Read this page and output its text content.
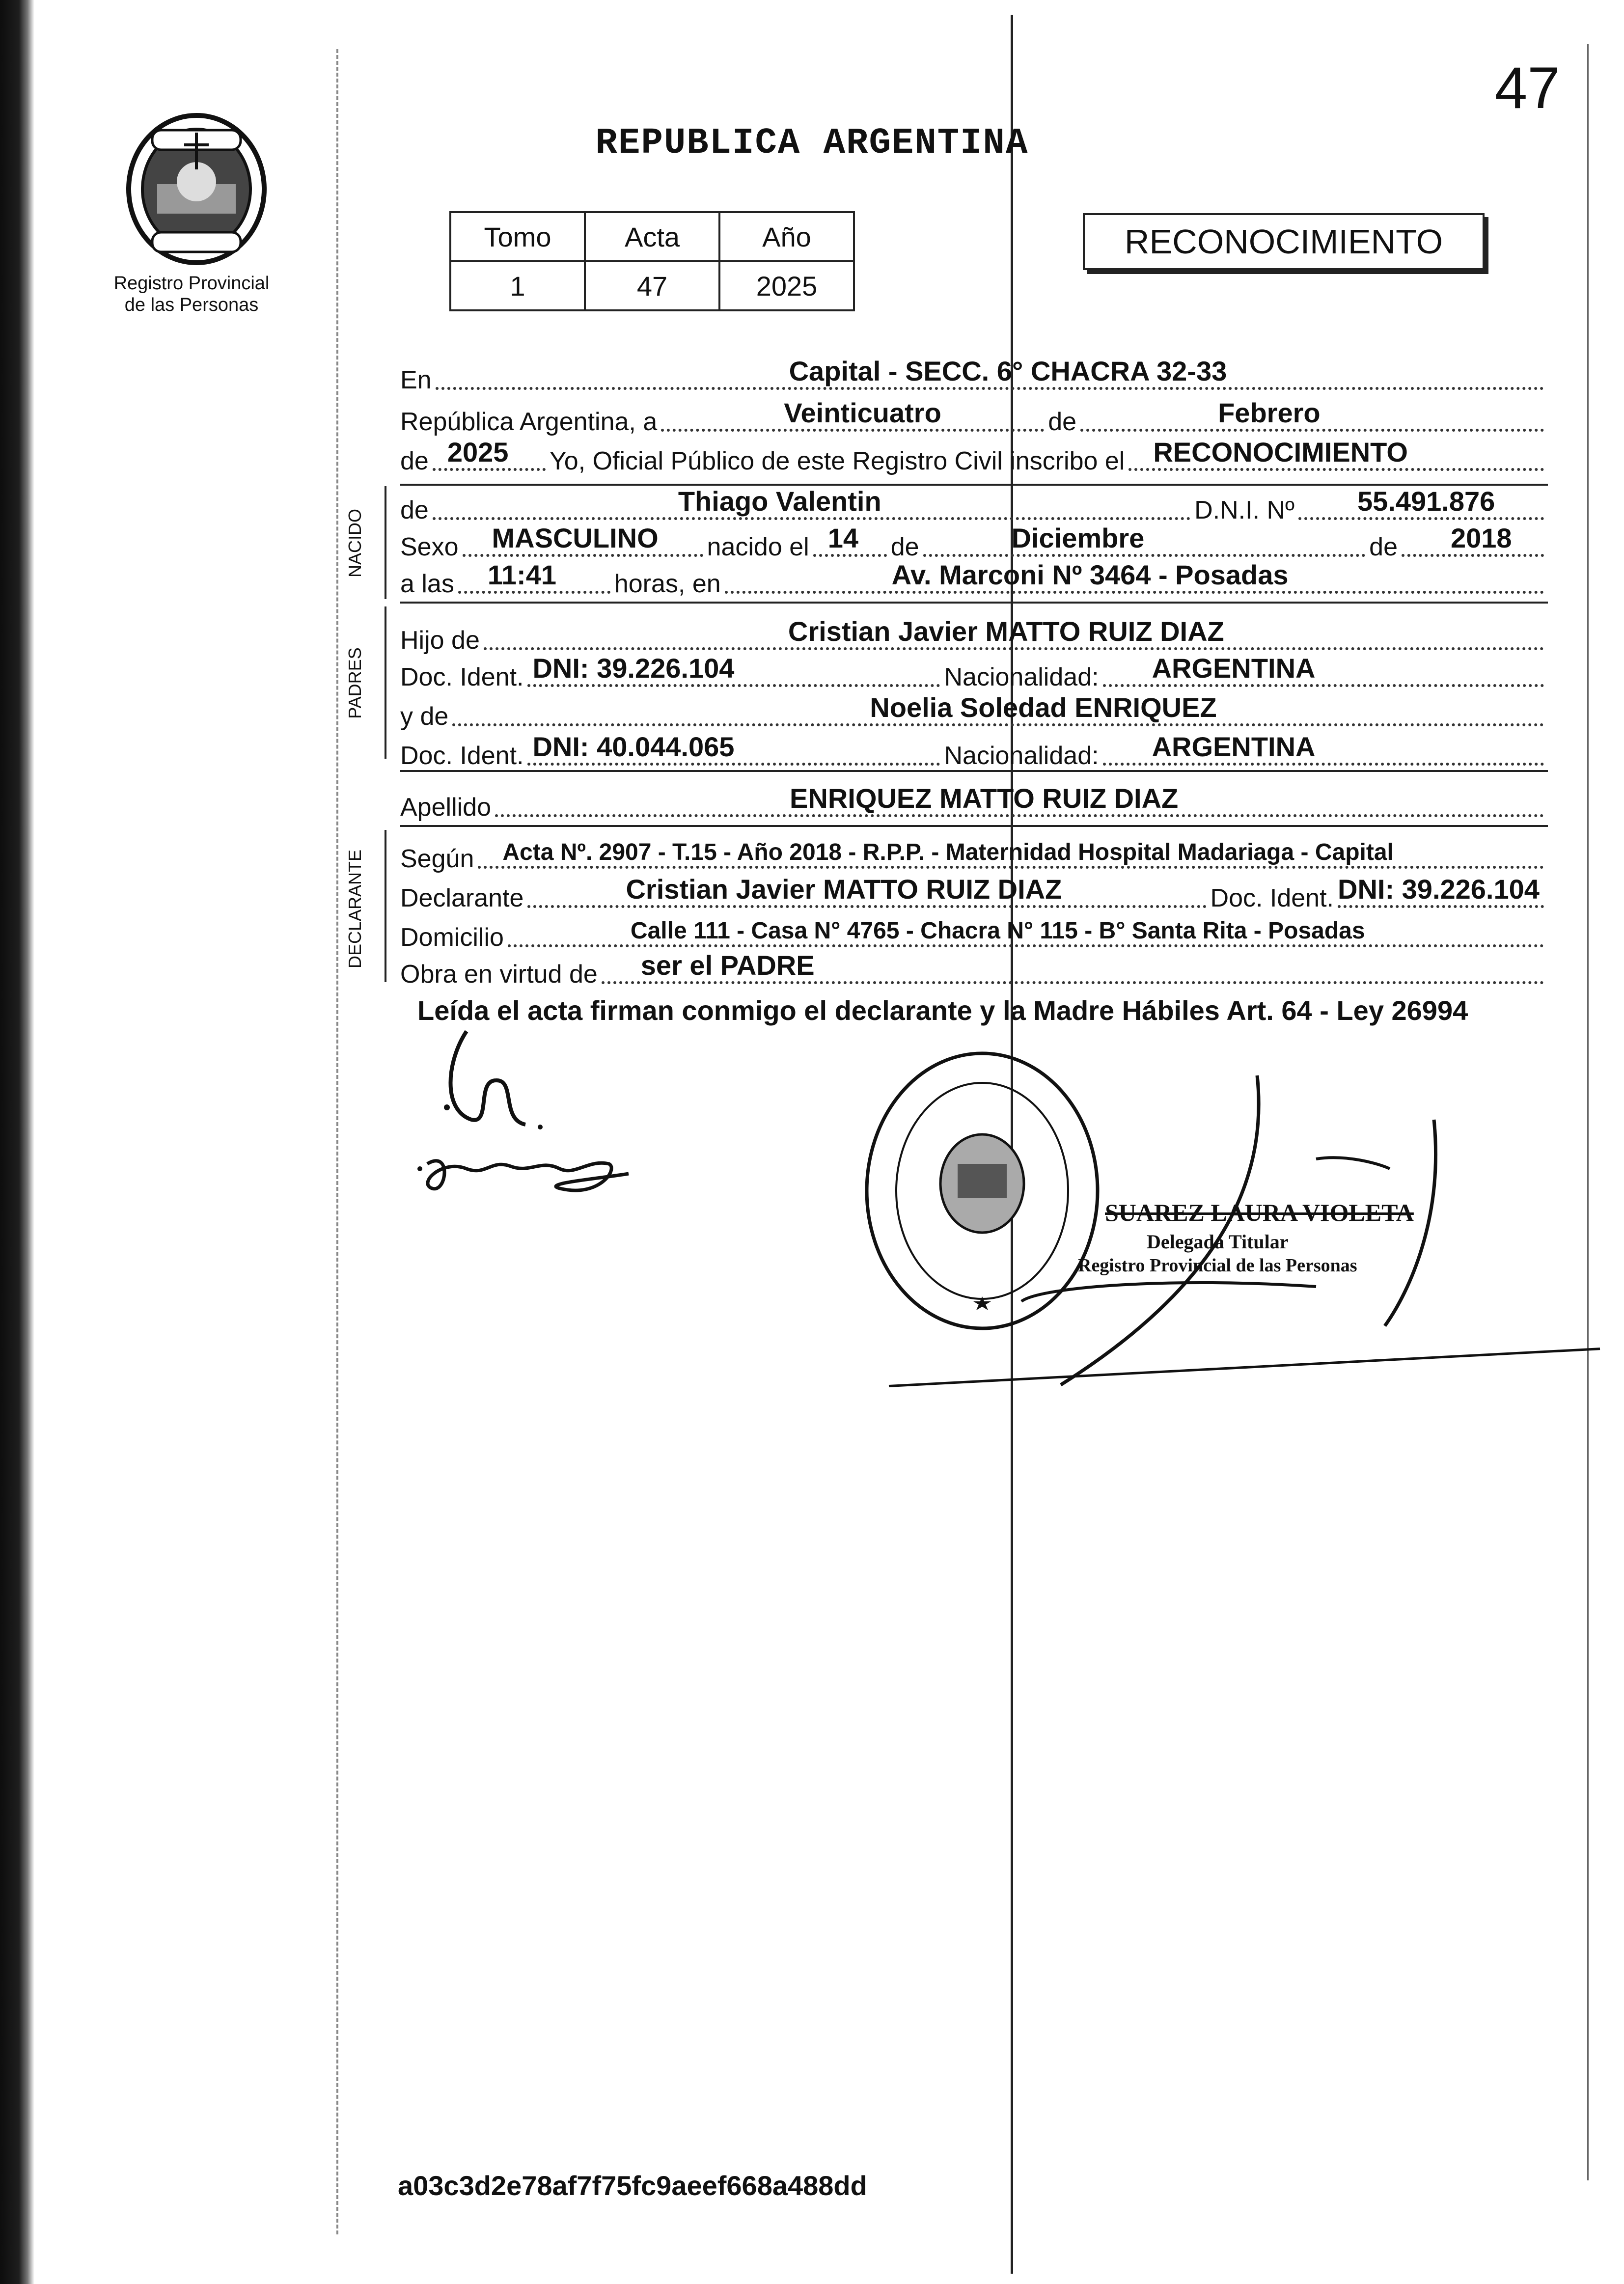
47
Registro Provincial
de las Personas
REPUBLICA ARGENTINA
Tomo	Acta	Año
1	47	2025
RECONOCIMIENTO
En	Capital - SECC. 6° CHACRA 32-33
República Argentina, a	Veinticuatro	de	Febrero
de 2025 Yo, Oficial Público de este Registro Civil inscribo el RECONOCIMIENTO
NACIDO de	Thiago Valentin	D.N.I. Nº 55.491.876
Sexo MASCULINO nacido el 14 de	Diciembre	de 2018
a las 11:41 horas, en	Av. Marconi Nº 3464 - Posadas
PADRES
Hijo de	Cristian Javier MATTO RUIZ DIAZ
Doc. Ident. DNI: 39.226.104	Nacionalidad: ARGENTINA
y de	Noelia Soledad ENRIQUEZ
Doc. Ident. DNI: 40.044.065	Nacionalidad: ARGENTINA
Apellido	ENRIQUEZ MATTO RUIZ DIAZ
DECLARANTE Según Acta Nº. 2907 - T.15 - Año 2018 - R.P.P. - Maternidad Hospital Madariaga - Capital
Declarante	Cristian Javier MATTO RUIZ DIAZ	Doc. Ident. DNI: 39.226.104
Domicilio	Calle 111 - Casa N° 4765 - Chacra N° 115 - B° Santa Rita - Posadas
Obra en virtud de ser el PADRE
Leída el acta firman conmigo el declarante y la Madre Hábiles Art. 64 - Ley 26994
SUAREZ LAURA VIOLETA
Delegada Titular
Registro Provincial de las Personas
a03c3d2e78af7f75fc9aeef668a488dd
